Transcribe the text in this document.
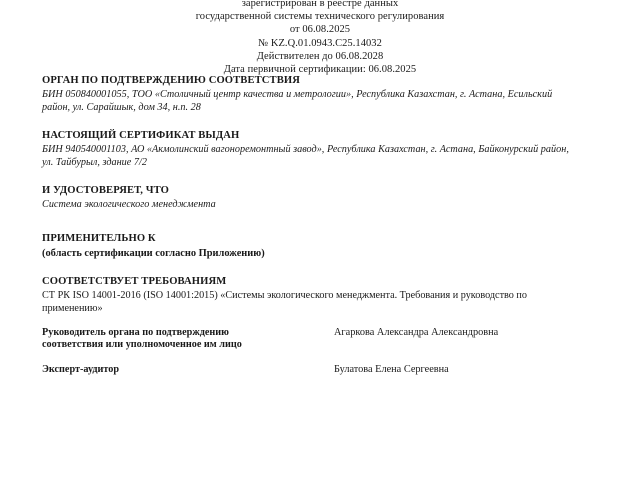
зарегистрирован в реестре данных
государственной системы технического регулирования
от 06.08.2025
№ KZ.Q.01.0943.С25.14032
Действителен до 06.08.2028
Дата первичной сертификации: 06.08.2025
ОРГАН ПО ПОДТВЕРЖДЕНИЮ СООТВЕТСТВИЯ
БИН 050840001055, ТОО «Столичный центр качества и метрологии», Республика Казахстан, г. Астана, Есильский
район, ул. Сарайшык, дом 34, н.п. 28
НАСТОЯЩИЙ СЕРТИФИКАТ ВЫДАН
БИН 940540001103, АО «Акмолинский вагоноремонтный завод», Республика Казахстан, г. Астана, Байконурский район,
ул. Тайбурыл, здание 7/2
И УДОСТОВЕРЯЕТ, ЧТО
Система экологического менеджмента
ПРИМЕНИТЕЛЬНО К
(область сертификации согласно Приложению)
СООТВЕТСТВУЕТ ТРЕБОВАНИЯМ
СТ РК ISO 14001-2016 (ISO 14001:2015) «Системы экологического менеджмента. Требования и руководство по
применению»
Руководитель органа по подтверждению
соответствия или уполномоченное им лицо
Агаркова Александра Александровна
Эксперт-аудитор	Булатова Елена Сергеевна
